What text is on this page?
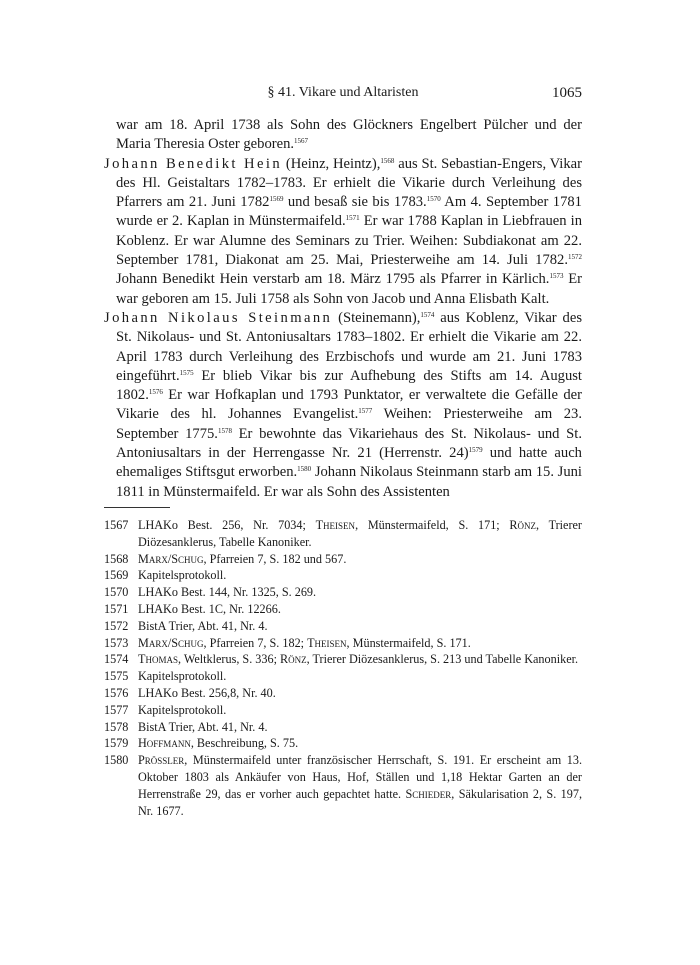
§ 41. Vikare und Altaristen	1065

war am 18. April 1738 als Sohn des Glöckners Engelbert Pülcher und der Maria Theresia Oster geboren.$^{1567}$

Johann Benedikt Hein (Heinz, Heintz),$^{1568}$ aus St. Sebastian-Engers, Vikar des Hl. Geistaltars 1782–1783. Er erhielt die Vikarie durch Verleihung des Pfarrers am 21. Juni $1782^{1569}$ und besaß sie bis 1783.$^{1570}$ Am 4. September 1781 wurde er 2. Kaplan in Münstermaifeld.$^{1571}$ Er war 1788 Kaplan in Liebfrauen in Koblenz. Er war Alumne des Seminars zu Trier. Weihen: Subdiakonat am 22. September 1781, Diakonat am 25. Mai, Priesterweihe am 14. Juli 1782.$^{1572}$ Johann Benedikt Hein verstarb am 18. März 1795 als Pfarrer in Kärlich.$^{1573}$ Er war geboren am 15. Juli 1758 als Sohn von Jacob und Anna Elisbath Kalt.

Johann Nikolaus Steinmann (Steinemann),$^{1574}$ aus Koblenz, Vikar des St. Nikolaus- und St. Antoniusaltars 1783–1802. Er erhielt die Vikarie am 22. April 1783 durch Verleihung des Erzbischofs und wurde am 21. Juni 1783 eingeführt.$^{1575}$ Er blieb Vikar bis zur Aufhebung des Stifts am 14. August 1802.$^{1576}$ Er war Hofkaplan und 1793 Punktator, er verwaltete die Gefälle der Vikarie des hl. Johannes Evangelist.$^{1577}$ Weihen: Priesterweihe am 23. September 1775.$^{1578}$ Er bewohnte das Vikariehaus des St. Nikolaus- und St. Antoniusaltars in der Herrengasse Nr. 21 (Herrenstr. 24)$^{1579}$ und hatte auch ehemaliges Stiftsgut erworben.$^{1580}$ Johann Nikolaus Steinmann starb am 15. Juni 1811 in Münstermaifeld. Er war als Sohn des Assistenten

1567 LHAKo Best. 256, Nr. 7034; Theisen, Münstermaifeld, S. 171; Rönz, Trierer Diözesanklerus, Tabelle Kanoniker.
1568 Marx/Schug, Pfarreien 7, S. 182 und 567.
1569 Kapitelsprotokoll.
1570 LHAKo Best. 144, Nr. 1325, S. 269.
1571 LHAKo Best. 1C, Nr. 12266.
1572 BistA Trier, Abt. 41, Nr. 4.
1573 Marx/Schug, Pfarreien 7, S. 182; Theisen, Münstermaifeld, S. 171.
1574 Thomas, Weltklerus, S. 336; Rönz, Trierer Diözesanklerus, S. 213 und Tabelle Kanoniker.
1575 Kapitelsprotokoll.
1576 LHAKo Best. 256,8, Nr. 40.
1577 Kapitelsprotokoll.
1578 BistA Trier, Abt. 41, Nr. 4.
1579 Hoffmann, Beschreibung, S. 75.
1580 Prössler, Münstermaifeld unter französischer Herrschaft, S. 191. Er erscheint am 13. Oktober 1803 als Ankäufer von Haus, Hof, Ställen und 1,18 Hektar Garten an der Herrenstraße 29, das er vorher auch gepachtet hatte. Schieder, Säkularisation 2, S. 197, Nr. 1677.
